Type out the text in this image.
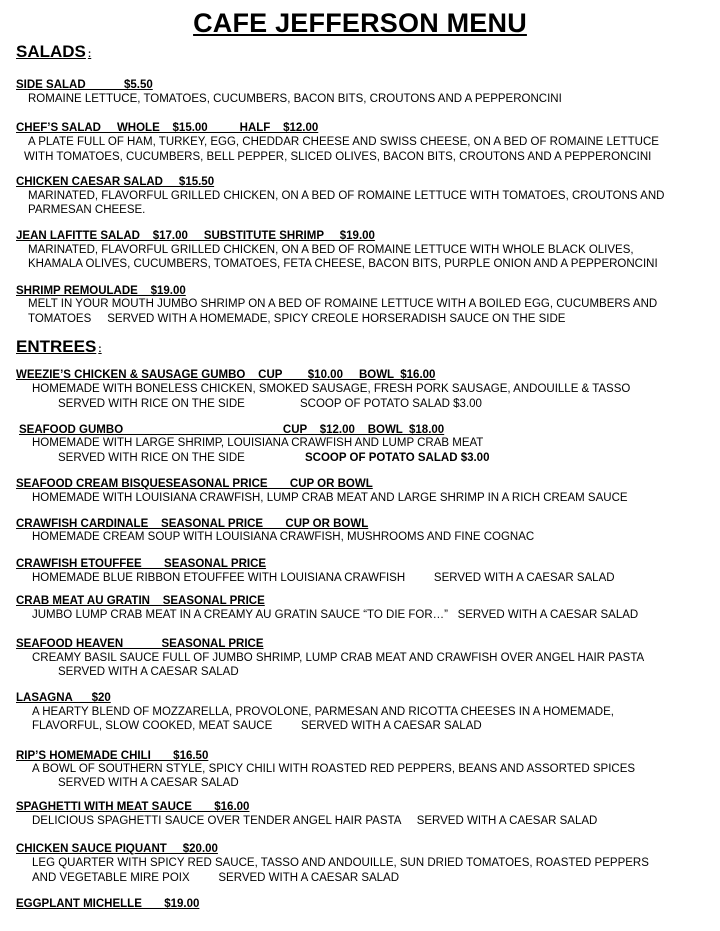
CAFE JEFFERSON MENU
SALADS :
SIDE SALAD            $5.50
ROMAINE LETTUCE, TOMATOES, CUCUMBERS, BACON BITS, CROUTONS AND A PEPPERONCINI
CHEF’S SALAD     WHOLE    $15.00          HALF    $12.00
A PLATE FULL OF HAM, TURKEY, EGG, CHEDDAR CHEESE AND SWISS CHEESE, ON A BED OF ROMAINE LETTUCE
WITH TOMATOES, CUCUMBERS, BELL PEPPER, SLICED OLIVES, BACON BITS, CROUTONS AND A PEPPERONCINI
CHICKEN CAESAR SALAD     $15.50
MARINATED, FLAVORFUL GRILLED CHICKEN, ON A BED OF ROMAINE LETTUCE WITH TOMATOES, CROUTONS AND
PARMESAN CHEESE.
JEAN LAFITTE SALAD    $17.00     SUBSTITUTE SHRIMP     $19.00
MARINATED, FLAVORFUL GRILLED CHICKEN, ON A BED OF ROMAINE LETTUCE WITH WHOLE BLACK OLIVES,
KHAMALA OLIVES, CUCUMBERS, TOMATOES, FETA CHEESE, BACON BITS, PURPLE ONION AND A PEPPERONCINI
SHRIMP REMOULADE    $19.00
MELT IN YOUR MOUTH JUMBO SHRIMP ON A BED OF ROMAINE LETTUCE WITH A BOILED EGG, CUCUMBERS AND
TOMATOES     SERVED WITH A HOMEMADE, SPICY CREOLE HORSERADISH SAUCE ON THE SIDE
ENTREES :
WEEZIE’S CHICKEN & SAUSAGE GUMBO    CUP        $10.00     BOWL  $16.00
HOMEMADE WITH BONELESS CHICKEN, SMOKED SAUSAGE, FRESH PORK SAUSAGE, ANDOUILLE & TASSO
SERVED WITH RICE ON THE SIDE	SCOOP OF POTATO SALAD $3.00
SEAFOOD GUMBO                                                  CUP    $12.00    BOWL  $18.00
HOMEMADE WITH LARGE SHRIMP, LOUISIANA CRAWFISH AND LUMP CRAB MEAT
SERVED WITH RICE ON THE SIDE	SCOOP OF POTATO SALAD $3.00
SEAFOOD CREAM BISQUESEASONAL PRICE       CUP OR BOWL
HOMEMADE WITH LOUISIANA CRAWFISH, LUMP CRAB MEAT AND LARGE SHRIMP IN A RICH CREAM SAUCE
CRAWFISH CARDINALE    SEASONAL PRICE       CUP OR BOWL
HOMEMADE CREAM SOUP WITH LOUISIANA CRAWFISH, MUSHROOMS AND FINE COGNAC
CRAWFISH ETOUFFEE       SEASONAL PRICE
HOMEMADE BLUE RIBBON ETOUFFEE WITH LOUISIANA CRAWFISH         SERVED WITH A CAESAR SALAD
CRAB MEAT AU GRATIN    SEASONAL PRICE
JUMBO LUMP CRAB MEAT IN A CREAMY AU GRATIN SAUCE “TO DIE FOR…”   SERVED WITH A CAESAR SALAD
SEAFOOD HEAVEN            SEASONAL PRICE
CREAMY BASIL SAUCE FULL OF JUMBO SHRIMP, LUMP CRAB MEAT AND CRAWFISH OVER ANGEL HAIR PASTA
SERVED WITH A CAESAR SALAD
LASAGNA      $20
A HEARTY BLEND OF MOZZARELLA, PROVOLONE, PARMESAN AND RICOTTA CHEESES IN A HOMEMADE,
FLAVORFUL, SLOW COOKED, MEAT SAUCE         SERVED WITH A CAESAR SALAD
RIP’S HOMEMADE CHILI       $16.50
A BOWL OF SOUTHERN STYLE, SPICY CHILI WITH ROASTED RED PEPPERS, BEANS AND ASSORTED SPICES
SERVED WITH A CAESAR SALAD
SPAGHETTI WITH MEAT SAUCE       $16.00
DELICIOUS SPAGHETTI SAUCE OVER TENDER ANGEL HAIR PASTA     SERVED WITH A CAESAR SALAD
CHICKEN SAUCE PIQUANT     $20.00
LEG QUARTER WITH SPICY RED SAUCE, TASSO AND ANDOUILLE, SUN DRIED TOMATOES, ROASTED PEPPERS
AND VEGETABLE MIRE POIX         SERVED WITH A CAESAR SALAD
EGGPLANT MICHELLE       $19.00
